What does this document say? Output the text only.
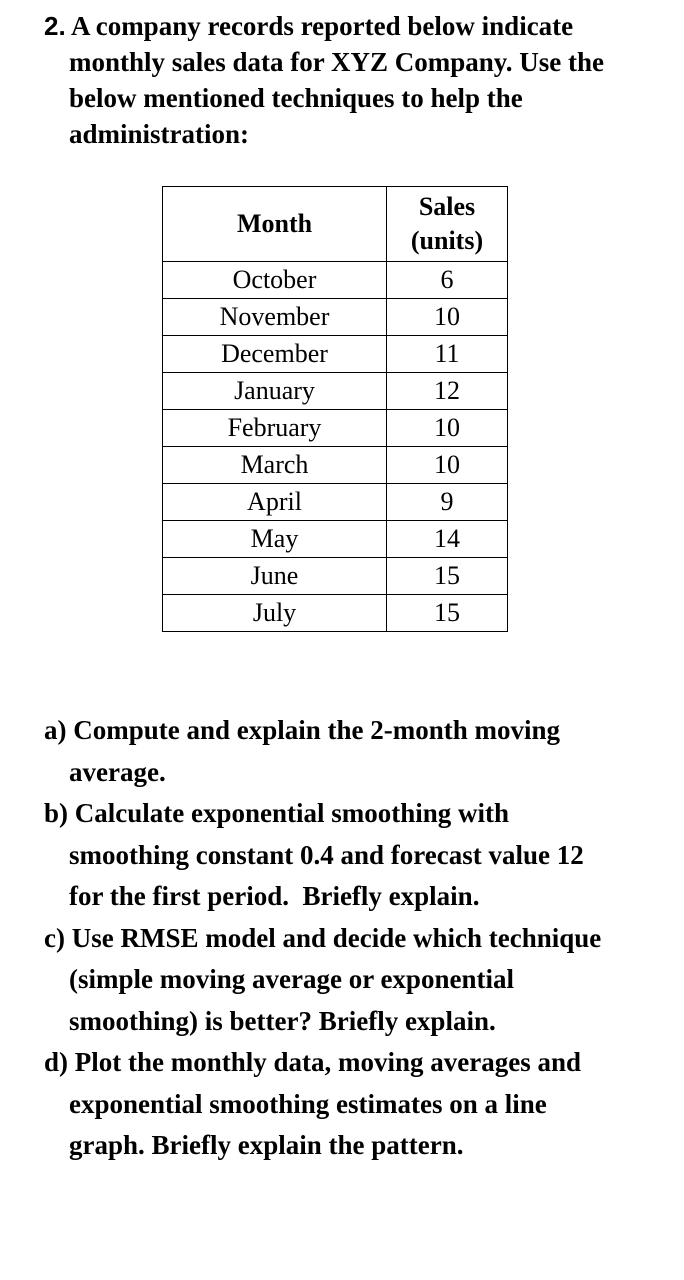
2. A company records reported below indicate
monthly sales data for XYZ Company. Use the
below mentioned techniques to help the
administration:
Month	Sales
(units)
October	6
November	10
December	11
January	12
February	10
March	10
April	9
May	14
June	15
July	15
a) Compute and explain the 2-month moving
average.
b) Calculate exponential smoothing with
smoothing constant 0.4 and forecast value 12
for the first period.  Briefly explain.
c) Use RMSE model and decide which technique
(simple moving average or exponential
smoothing) is better? Briefly explain.
d) Plot the monthly data, moving averages and
exponential smoothing estimates on a line
graph. Briefly explain the pattern.
